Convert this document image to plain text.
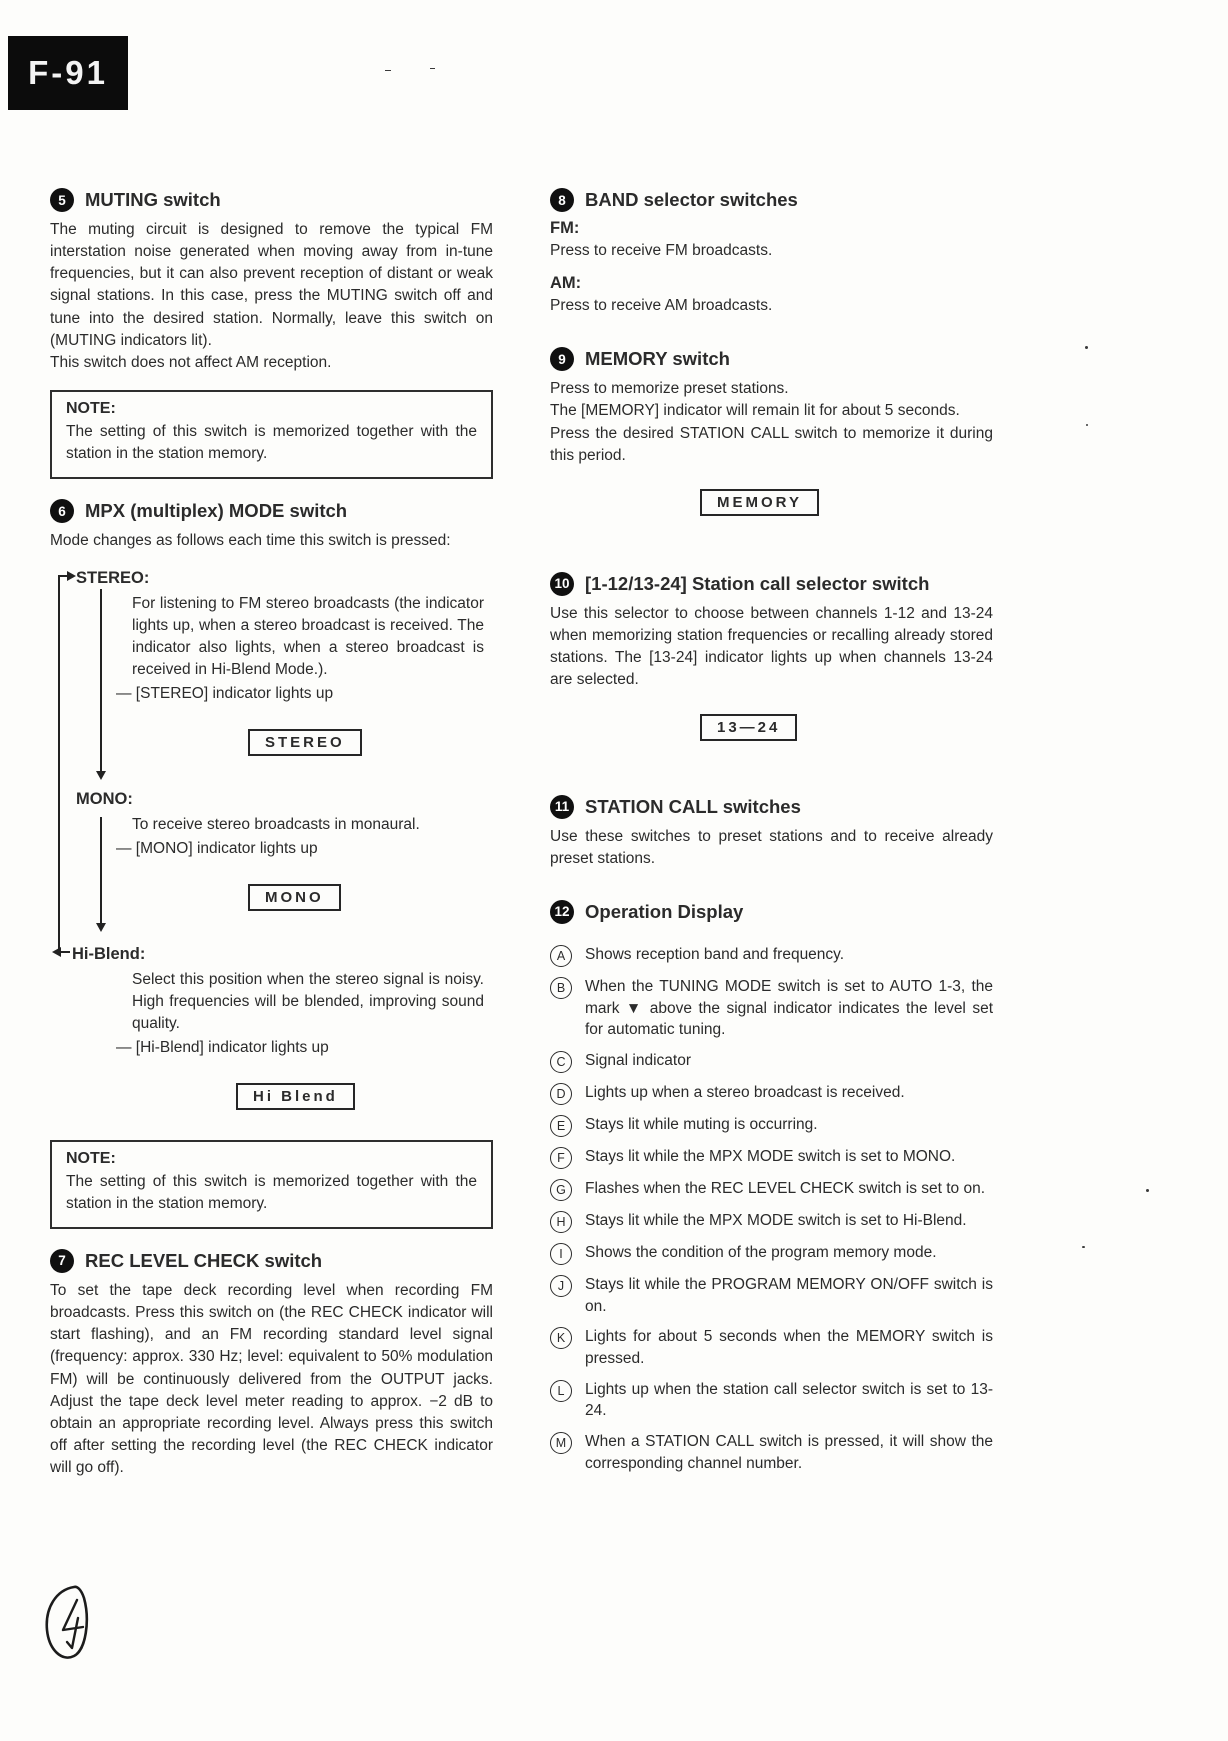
F-91
5	MUTING switch

The muting circuit is designed to remove the typical FM interstation noise generated when moving away from in-tune frequencies, but it can also prevent reception of distant or weak signal stations. In this case, press the MUTING switch off and tune into the desired station. Normally, leave this switch on (MUTING indicators lit).

This switch does not affect AM reception.

NOTE:

The setting of this switch is memorized together with the station in the station memory.

6	MPX (multiplex) MODE switch

Mode changes as follows each time this switch is pressed:

STEREO:

For listening to FM stereo broadcasts (the indicator lights up, when a stereo broadcast is received. The indicator also lights, when a stereo broadcast is received in Hi-Blend Mode.).

— [STEREO] indicator lights up

STEREO

MONO:

To receive stereo broadcasts in monaural.

— [MONO] indicator lights up

MONO

Hi-Blend:

Select this position when the stereo signal is noisy. High frequencies will be blended, improving sound quality.

— [Hi-Blend] indicator lights up

Hi Blend

NOTE:

The setting of this switch is memorized together with the station in the station memory.

7	REC LEVEL CHECK switch

To set the tape deck recording level when recording FM broadcasts. Press this switch on (the REC CHECK indicator will start flashing), and an FM recording standard level signal (frequency: approx. 330 Hz; level: equivalent to 50% modulation FM) will be continuously delivered from the OUTPUT jacks. Adjust the tape deck level meter reading to approx. −2 dB to obtain an appropriate recording level. Always press this switch off after setting the recording level (the REC CHECK indicator will go off).

8	BAND selector switches

FM:

Press to receive FM broadcasts.

AM:

Press to receive AM broadcasts.

9	MEMORY switch

Press to memorize preset stations.

The [MEMORY] indicator will remain lit for about 5 seconds.

Press the desired STATION CALL switch to memorize it during this period.

MEMORY
10 [1-12/13-24] Station call selector switch

Use this selector to choose between channels 1-12 and 13-24 when memorizing station frequencies or recalling already stored stations. The [13-24] indicator lights up when channels 13-24 are selected.

13—24
11 STATION CALL switches

Use these switches to preset stations and to receive already preset stations.

12 Operation Display
A	Shows reception band and frequency.
B	When the TUNING MODE switch is set to AUTO 1-3, the mark ▼ above the signal indicator indicates the level set for automatic tuning.
C	Signal indicator
D	Lights up when a stereo broadcast is received.
E	Stays lit while muting is occurring.
F	Stays lit while the MPX MODE switch is set to MONO.
G	Flashes when the REC LEVEL CHECK switch is set to on.
H	Stays lit while the MPX MODE switch is set to Hi-Blend.
I	Shows the condition of the program memory mode.
J	Stays lit while the PROGRAM MEMORY ON/OFF switch is on.
K	Lights for about 5 seconds when the MEMORY switch is pressed.
L	Lights up when the station call selector switch is set to 13-24.
M	When a STATION CALL switch is pressed, it will show the corresponding channel number.
